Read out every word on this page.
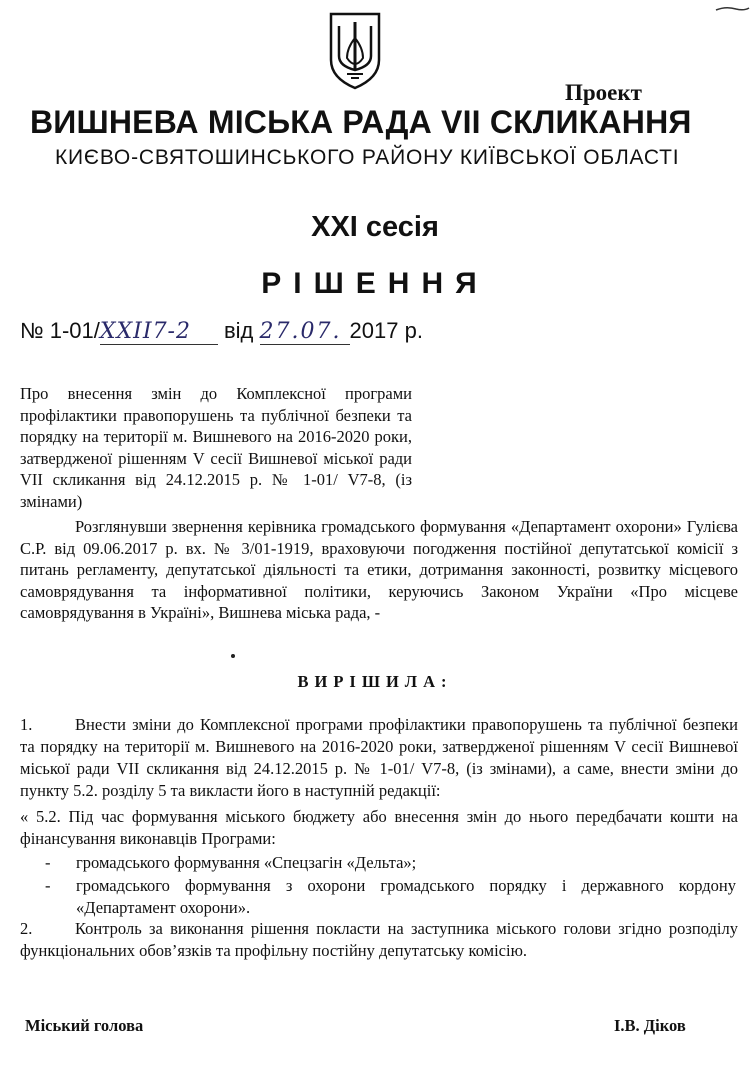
Проект
ВИШНЕВА МІСЬКА РАДА VII СКЛИКАННЯ
КИЄВО-СВЯТОШИНСЬКОГО РАЙОНУ КИЇВСЬКОЇ ОБЛАСТІ
XXI сесія
РІШЕННЯ
№ 1-01/XXII7-2 від 27.07. 2017 р.
Про внесення змін до Комплексної програми профілактики правопорушень та публічної безпеки та порядку на території м. Вишневого на 2016-2020 роки, затвердженої рішенням V сесії Вишневої міської ради VII скликання від 24.12.2015 р. № 1-01/ V7-8, (із змінами)
Розглянувши звернення керівника громадського формування «Департамент охорони» Гулієва С.Р. від 09.06.2017 р. вх. № 3/01-1919, враховуючи погодження постійної депутатської комісії з питань регламенту, депутатської діяльності та етики, дотримання законності, розвитку місцевого самоврядування та інформативної політики, керуючись Законом України «Про місцеве самоврядування в Україні», Вишнева міська рада, -
ВИРІШИЛА:
1.	Внести зміни до Комплексної програми профілактики правопорушень та публічної безпеки та порядку на території м. Вишневого на 2016-2020 роки, затвердженої рішенням V сесії Вишневої міської ради VII скликання від 24.12.2015 р. № 1-01/ V7-8, (із змінами), а саме, внести зміни до пункту 5.2. розділу 5 та викласти його в наступній редакції:
« 5.2. Під час формування міського бюджету або внесення змін до нього передбачати кошти на фінансування виконавців Програми:
- громадського формування «Спецзагін «Дельта»;
- громадського формування з охорони громадського порядку і державного кордону «Департамент охорони».
2.	Контроль за виконання рішення покласти на заступника міського голови згідно розподілу функціональних обов’язків та профільну постійну депутатську комісію.
Міський голова	І.В. Діков
